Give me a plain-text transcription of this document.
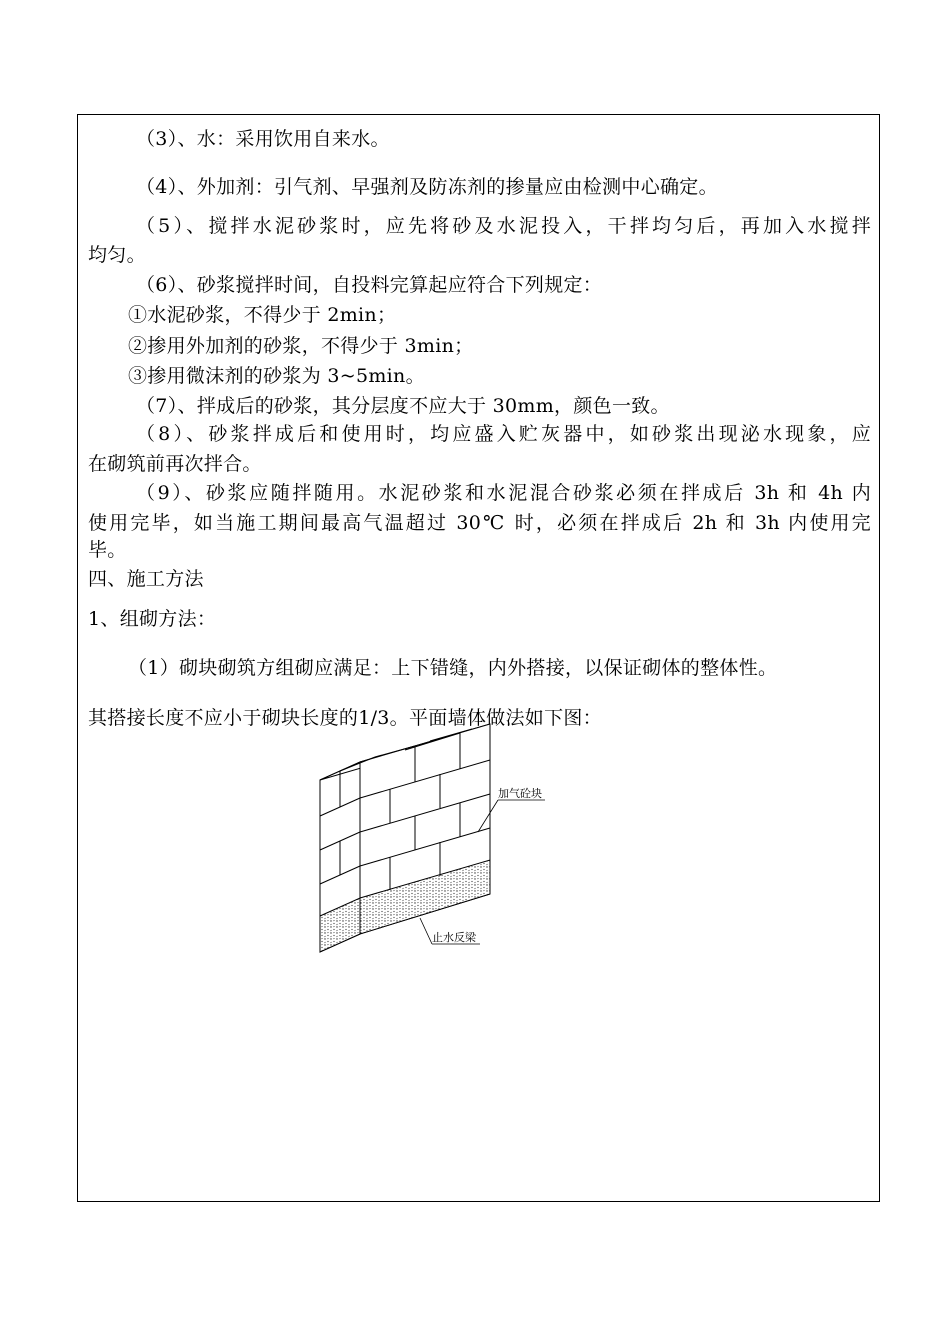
（3）、水：采用饮用自来水。
（4）、外加剂：引气剂、早强剂及防冻剂的掺量应由检测中心确定。
（5）、搅拌水泥砂浆时，应先将砂及水泥投入，干拌均匀后，再加入水搅拌
均匀。
（6）、砂浆搅拌时间，自投料完算起应符合下列规定：
①水泥砂浆，不得少于 2min；
②掺用外加剂的砂浆，不得少于 3min；
③掺用微沫剂的砂浆为 3~5min。
（7）、拌成后的砂浆，其分层度不应大于 30mm，颜色一致。
（8）、砂浆拌成后和使用时，均应盛入贮灰器中，如砂浆出现泌水现象，应
在砌筑前再次拌合。
（9）、砂浆应随拌随用。水泥砂浆和水泥混合砂浆必须在拌成后 3h 和 4h 内
使用完毕，如当施工期间最高气温超过 30℃ 时，必须在拌成后 2h 和 3h 内使用完
毕。
四、施工方法
1、组砌方法：
（1）砌块砌筑方组砌应满足：上下错缝，内外搭接，以保证砌体的整体性。
其搭接长度不应小于砌块长度的1/3。平面墙体做法如下图：
加气砼块
止水反梁
